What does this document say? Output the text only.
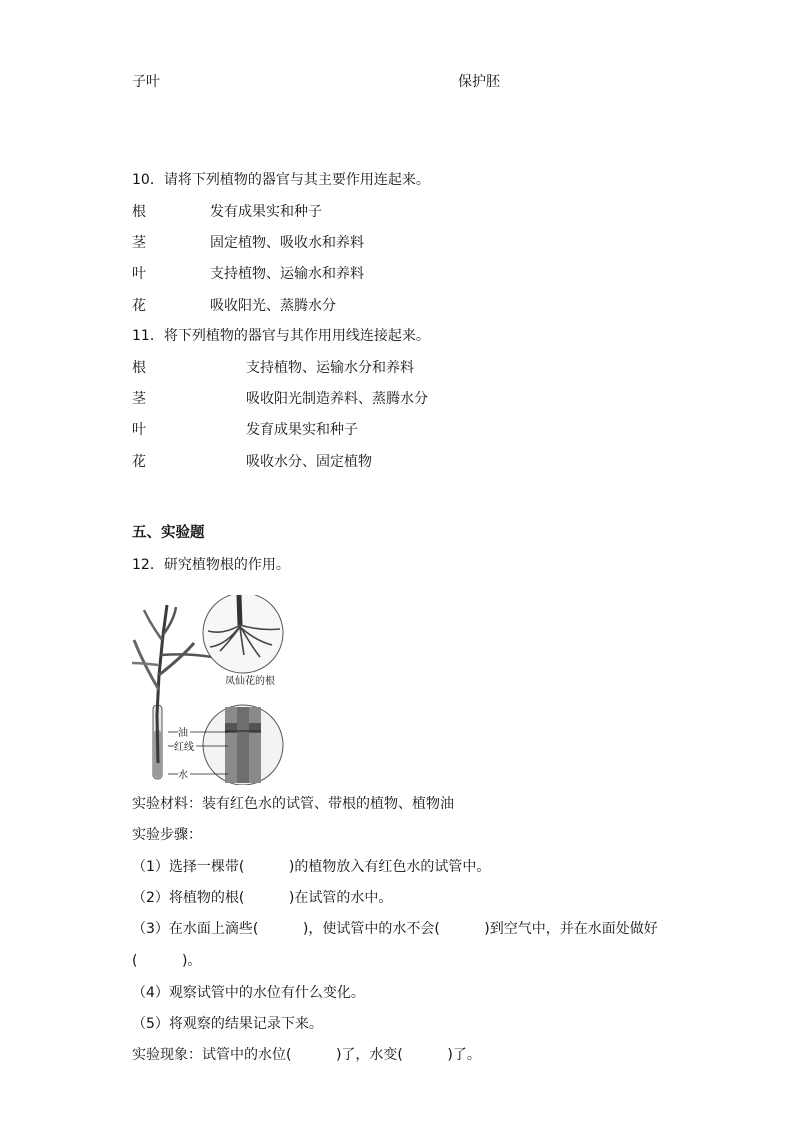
子叶	保护胚
10．请将下列植物的器官与其主要作用连起来。
根	发有成果实和种子
茎	固定植物、吸收水和养料
叶	支持植物、运输水和养料
花	吸收阳光、蒸腾水分
11．将下列植物的器官与其作用用线连接起来。
根	支持植物、运输水分和养料
茎	吸收阳光制造养料、蒸腾水分
叶	发育成果实和种子
花	吸收水分、固定植物
五、实验题
12．研究植物根的作用。
凤仙花的根
油
红线
水
实验材料：装有红色水的试管、带根的植物、植物油
实验步骤：
（1）选择一棵带(          )的植物放入有红色水的试管中。
（2）将植物的根(          )在试管的水中。
（3）在水面上滴些(          )，使试管中的水不会(          )到空气中，并在水面处做好
(          )。
（4）观察试管中的水位有什么变化。
（5）将观察的结果记录下来。
实验现象：试管中的水位(          )了，水变(          )了。
